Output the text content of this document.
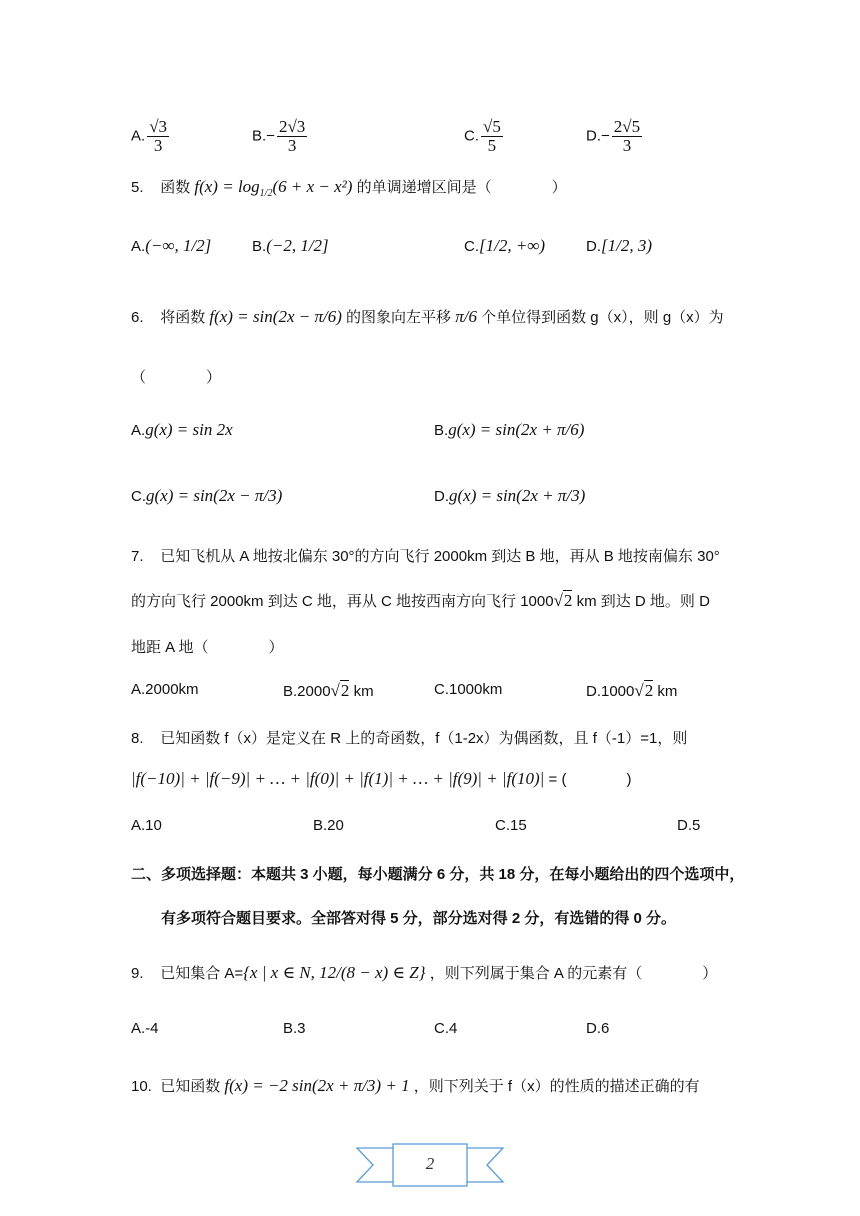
A. $\frac{√3}{3}$	$B.- \frac{2√3}{3}$	C. $\frac{√5}{5}$	$D.- \frac{2√5}{3}$
5. 函数 $f(x) = \log_{1/2}(6 + x - x^2)$ 的单调递增区间是（　　　　）
A.(−∞, 1/2]	B.(−2, 1/2]	C.[1/2, +∞)	D.[1/2, 3)
6. 将函数 f(x) = sin(2x − π/6) 的图象向左平移 π/6 个单位得到函数 g（x），则 g（x）为
（　　　　）
A.g(x) = sin 2x	B.g(x) = sin(2x + π/6)
C.g(x) = sin(2x − π/3)	D.g(x) = sin(2x + π/3)
7. 已知飞机从 A 地按北偏东 30°的方向飞行 2000km 到达 B 地，再从 B 地按南偏东 30°
的方向飞行 2000km 到达 C 地，再从 C 地按西南方向飞行 1000√2 km 到达 D 地。则 D
地距 A 地（　　　　）
A.2000km	B.2000√2 km	C.1000km	D.1000√2 km
8. 已知函数 f（x）是定义在 R 上的奇函数，f（1-2x）为偶函数，且 f（-1）=1，则
|f(−10)| + |f(−9)| + … + |f(0)| + |f(1)| + … + |f(9)| + |f(10)| = (　　　　)
A.10	B.20	C.15	D.5
二、多项选择题：本题共 3 小题，每小题满分 6 分，共 18 分，在每小题给出的四个选项中，
有多项符合题目要求。全部答对得 5 分，部分选对得 2 分，有选错的得 0 分。
9. 已知集合 A={x | x ∈ N, 12/(8 − x) ∈ Z} ，则下列属于集合 A 的元素有（　　　　）
A.-4	B.3	C.4	D.6
10. 已知函数 f(x) = −2 sin(2x + π/3) + 1 ，则下列关于 f（x）的性质的描述正确的有
2
